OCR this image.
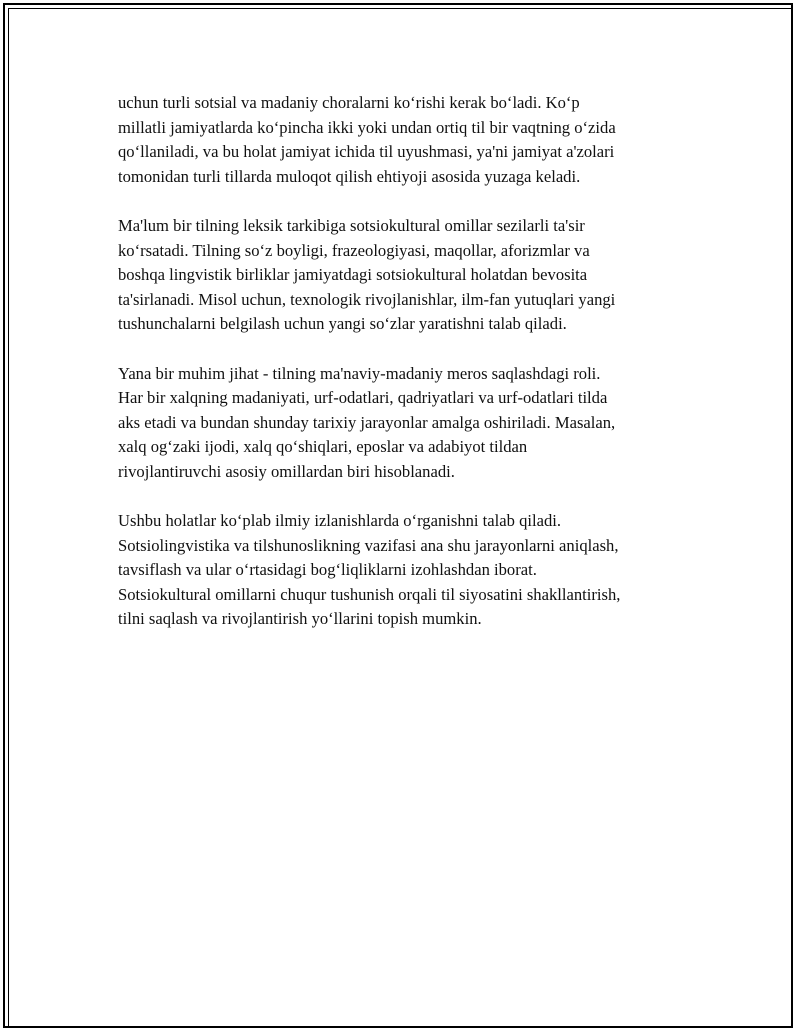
uchun turli sotsial va madaniy choralarni ko‘rishi kerak bo‘ladi. Ko‘p
millatli jamiyatlarda ko‘pincha ikki yoki undan ortiq til bir vaqtning o‘zida
qo‘llaniladi, va bu holat jamiyat ichida til uyushmasi, ya'ni jamiyat a'zolari
tomonidan turli tillarda muloqot qilish ehtiyoji asosida yuzaga keladi.

Ma'lum bir tilning leksik tarkibiga sotsiokultural omillar sezilarli ta'sir
ko‘rsatadi. Tilning so‘z boyligi, frazeologiyasi, maqollar, aforizmlar va
boshqa lingvistik birliklar jamiyatdagi sotsiokultural holatdan bevosita
ta'sirlanadi. Misol uchun, texnologik rivojlanishlar, ilm-fan yutuqlari yangi
tushunchalarni belgilash uchun yangi so‘zlar yaratishni talab qiladi.

Yana bir muhim jihat - tilning ma'naviy-madaniy meros saqlashdagi roli.
Har bir xalqning madaniyati, urf-odatlari, qadriyatlari va urf-odatlari tilda
aks etadi va bundan shunday tarixiy jarayonlar amalga oshiriladi. Masalan,
xalq og‘zaki ijodi, xalq qo‘shiqlari, eposlar va adabiyot tildan
rivojlantiruvchi asosiy omillardan biri hisoblanadi.

Ushbu holatlar ko‘plab ilmiy izlanishlarda o‘rganishni talab qiladi.
Sotsiolingvistika va tilshunoslikning vazifasi ana shu jarayonlarni aniqlash,
tavsiflash va ular o‘rtasidagi bog‘liqliklarni izohlashdan iborat.
Sotsiokultural omillarni chuqur tushunish orqali til siyosatini shakllantirish,
tilni saqlash va rivojlantirish yo‘llarini topish mumkin.
